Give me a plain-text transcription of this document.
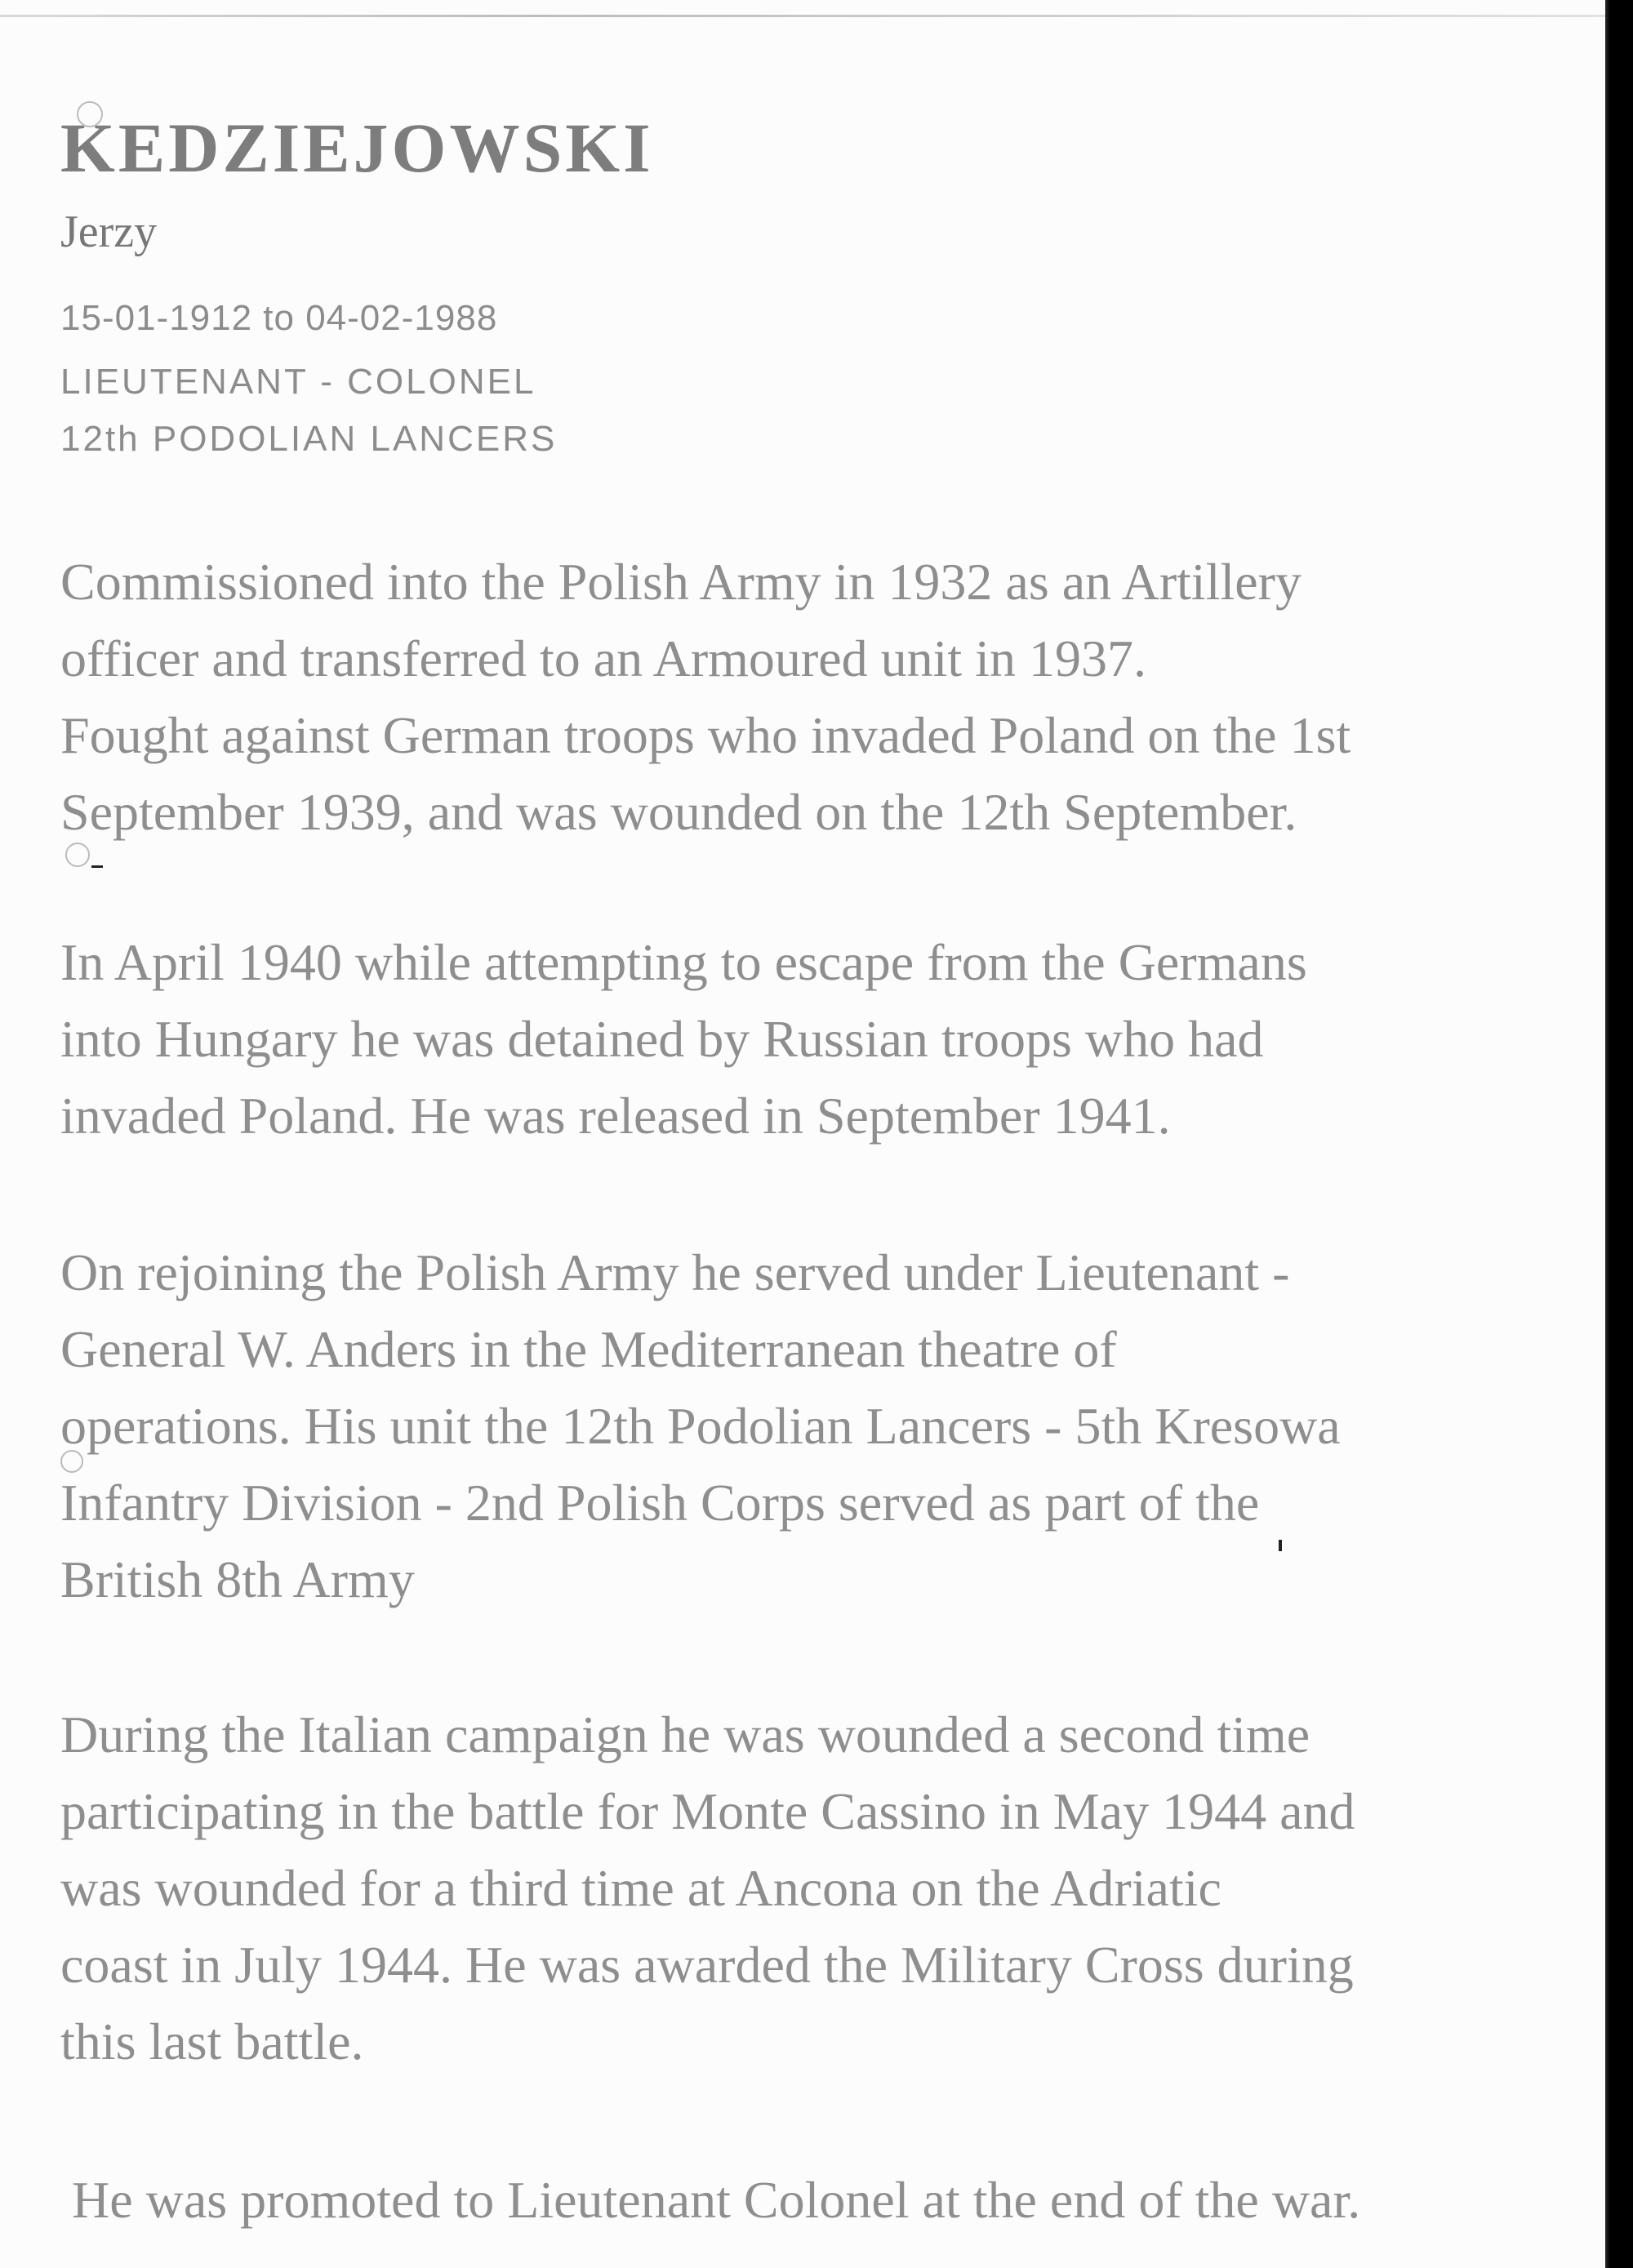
KEDZIEJOWSKI
Jerzy
15-01-1912 to 04-02-1988
LIEUTENANT - COLONEL
12th PODOLIAN LANCERS
Commissioned into the Polish Army in 1932 as an Artillery
officer and transferred to an Armoured unit in 1937.
Fought against German troops who invaded Poland on the 1st
September 1939, and was wounded on the 12th September.
In April 1940 while attempting to escape from the Germans
into Hungary he was detained by Russian troops who had
invaded Poland. He was released in September 1941.
On rejoining the Polish Army he served under Lieutenant -
General W. Anders in the Mediterranean theatre of
operations. His unit the 12th Podolian Lancers - 5th Kresowa
Infantry Division - 2nd Polish Corps served as part of the
British 8th Army
During the Italian campaign he was wounded a second time
participating in the battle for Monte Cassino in May 1944 and
was wounded for a third time at Ancona on the Adriatic
coast in July 1944. He was awarded the Military Cross during
this last battle.
He was promoted to Lieutenant Colonel at the end of the war.
